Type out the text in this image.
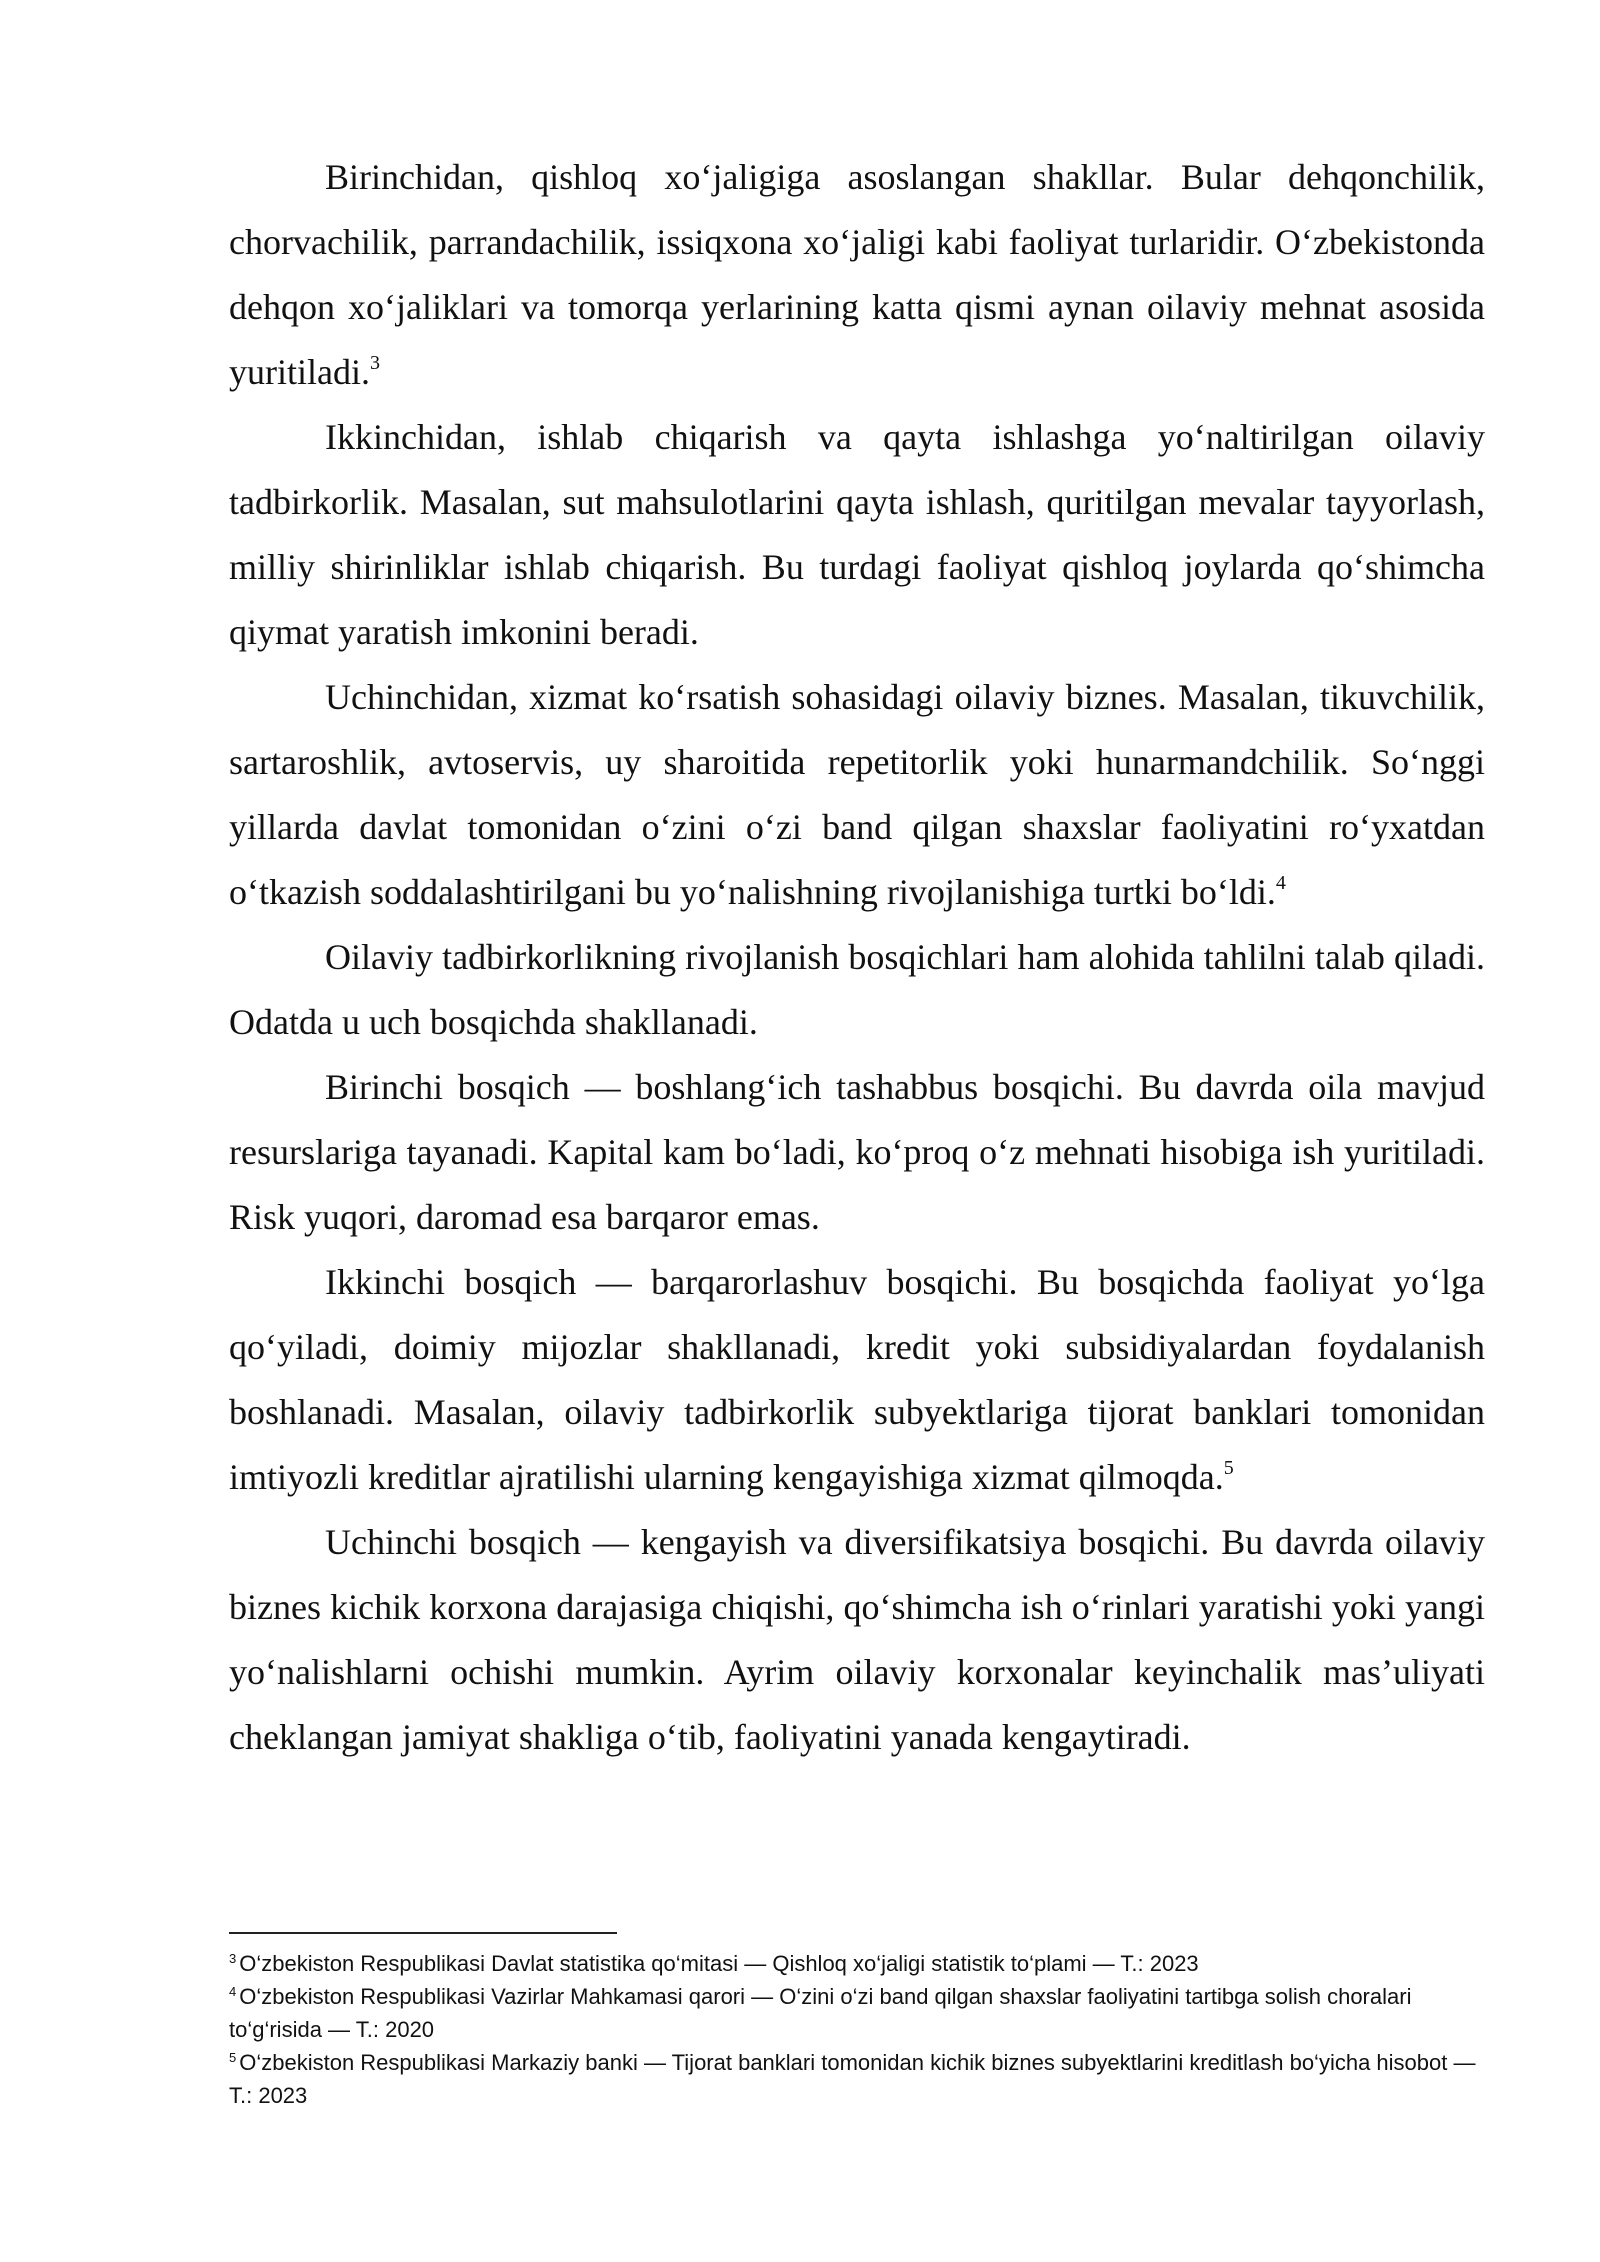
Birinchidan, qishloq xo‘jaligiga asoslangan shakllar. Bular dehqonchilik, chorvachilik, parrandachilik, issiqxona xo‘jaligi kabi faoliyat turlaridir. O‘zbekistonda dehqon xo‘jaliklari va tomorqa yerlarining katta qismi aynan oilaviy mehnat asosida yuritiladi.$^3$

Ikkinchidan, ishlab chiqarish va qayta ishlashga yo‘naltirilgan oilaviy tadbirkorlik. Masalan, sut mahsulotlarini qayta ishlash, quritilgan mevalar tayyorlash, milliy shirinliklar ishlab chiqarish. Bu turdagi faoliyat qishloq joylarda qo‘shimcha qiymat yaratish imkonini beradi.

Uchinchidan, xizmat ko‘rsatish sohasidagi oilaviy biznes. Masalan, tikuvchilik, sartaroshlik, avtoservis, uy sharoitida repetitorlik yoki hunarmandchilik. So‘nggi yillarda davlat tomonidan o‘zini o‘zi band qilgan shaxslar faoliyatini ro‘yxatdan o‘tkazish soddalashtirilgani bu yo‘nalishning rivojlanishiga turtki bo‘ldi.$^4$

Oilaviy tadbirkorlikning rivojlanish bosqichlari ham alohida tahlilni talab qiladi. Odatda u uch bosqichda shakllanadi.

Birinchi bosqich — boshlang‘ich tashabbus bosqichi. Bu davrda oila mavjud resurslariga tayanadi. Kapital kam bo‘ladi, ko‘proq o‘z mehnati hisobiga ish yuritiladi. Risk yuqori, daromad esa barqaror emas.

Ikkinchi bosqich — barqarorlashuv bosqichi. Bu bosqichda faoliyat yo‘lga qo‘yiladi, doimiy mijozlar shakllanadi, kredit yoki subsidiyalardan foydalanish boshlanadi. Masalan, oilaviy tadbirkorlik subyektlariga tijorat banklari tomonidan imtiyozli kreditlar ajratilishi ularning kengayishiga xizmat qilmoqda.$^5$

Uchinchi bosqich — kengayish va diversifikatsiya bosqichi. Bu davrda oilaviy biznes kichik korxona darajasiga chiqishi, qo‘shimcha ish o‘rinlari yaratishi yoki yangi yo‘nalishlarni ochishi mumkin. Ayrim oilaviy korxonalar keyinchalik mas’uliyati cheklangan jamiyat shakliga o‘tib, faoliyatini yanada kengaytiradi.

$^3$ O‘zbekiston Respublikasi Davlat statistika qo‘mitasi — Qishloq xo‘jaligi statistik to‘plami — T.: 2023

$^4$ O‘zbekiston Respublikasi Vazirlar Mahkamasi qarori — O‘zini o‘zi band qilgan shaxslar faoliyatini tartibga solish choralari to‘g‘risida — T.: 2020

$^5$ O‘zbekiston Respublikasi Markaziy banki — Tijorat banklari tomonidan kichik biznes subyektlarini kreditlash bo‘yicha hisobot — T.: 2023
